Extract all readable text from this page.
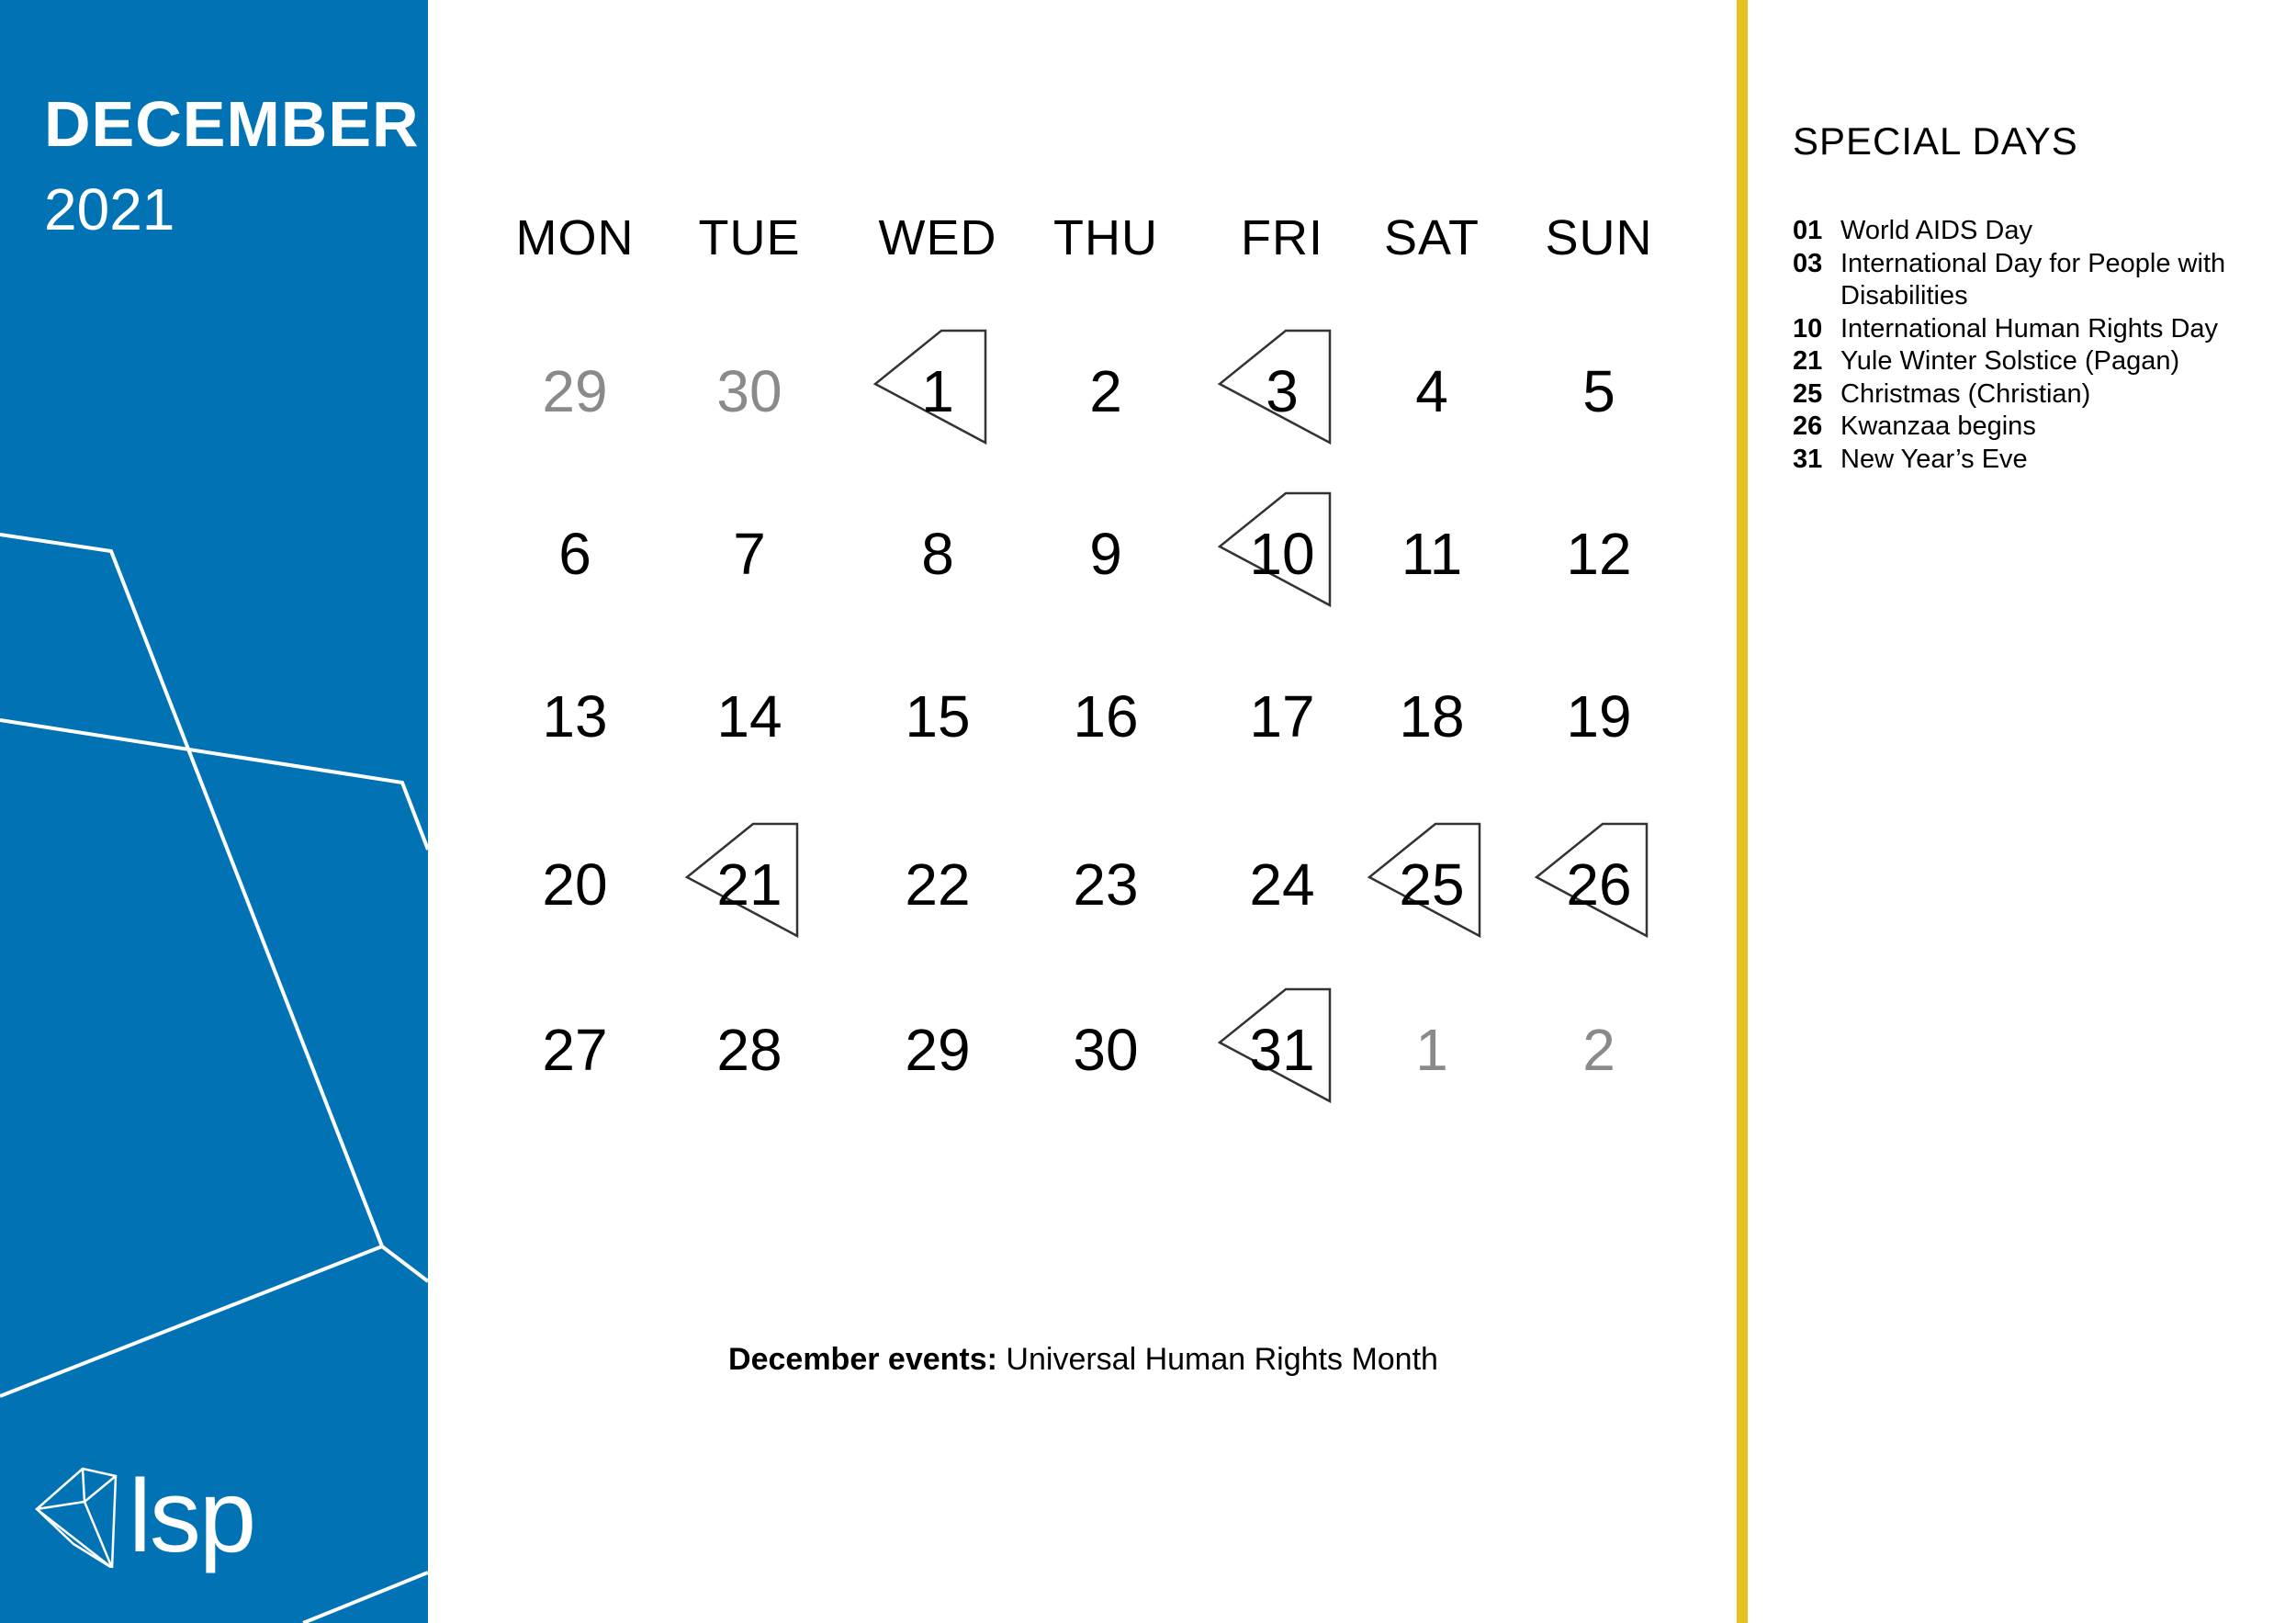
DECEMBER
2021
lsp
MON	TUE	WED	THU	FRI	SAT	SUN
29	30	1	2	3	4	5
6	7	8	9	10	11	12
13	14	15	16	17	18	19
20	21	22	23	24	25	26
27	28	29	30	31	1	2
December events: Universal Human Rights Month
SPECIAL DAYS
01 World AIDS Day
03 International Day for People with Disabilities
10 International Human Rights Day
21 Yule Winter Solstice (Pagan)
25 Christmas (Christian)
26 Kwanzaa begins
31 New Year’s Eve
